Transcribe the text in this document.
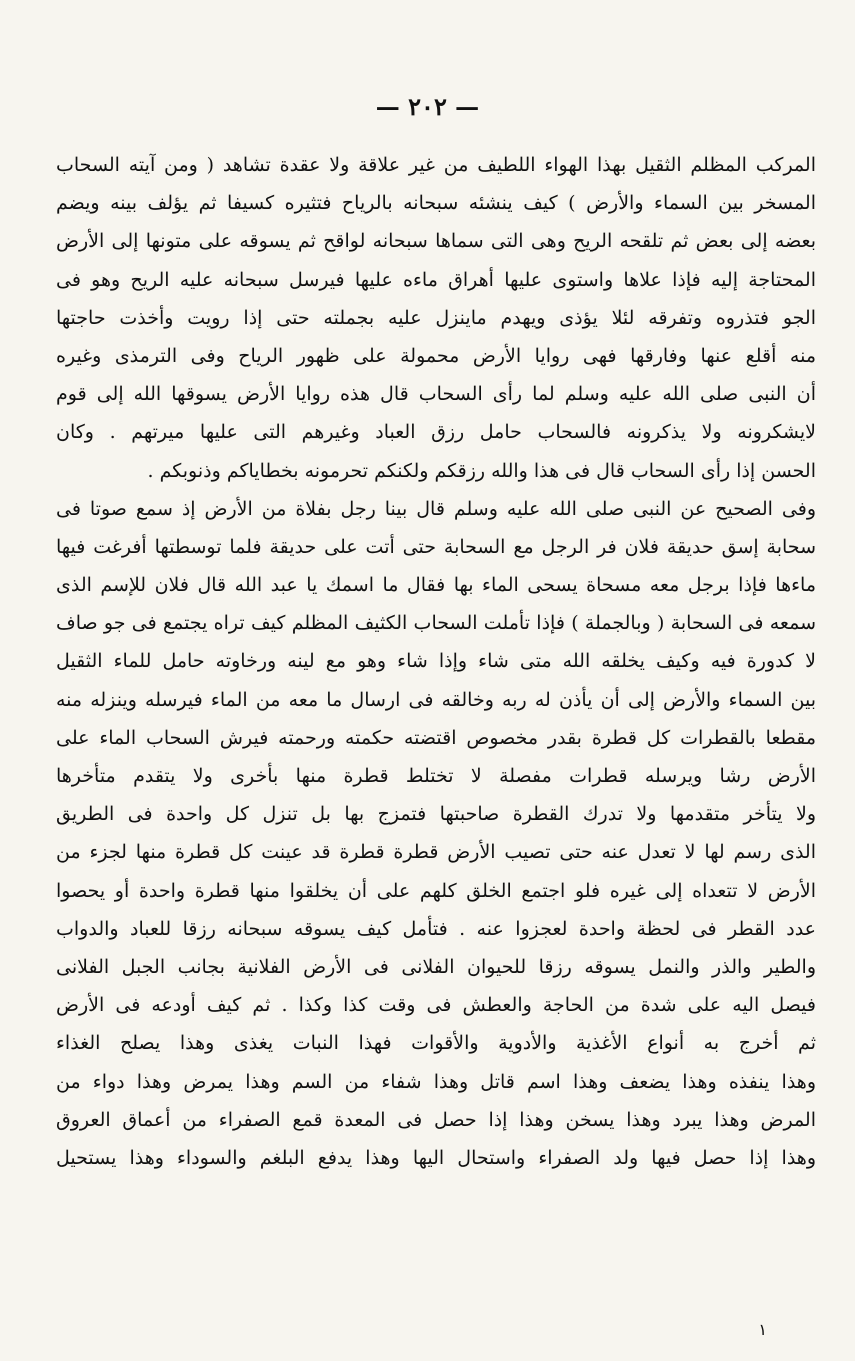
— ٢٠٢ —
المركب المظلم الثقيل بهذا الهواء اللطيف من غير علاقة ولا عقدة تشاهد ( ومن آيته السحاب
المسخر بين السماء والأرض ) كيف ينشئه سبحانه بالرياح فتثيره كسيفا ثم يؤلف بينه ويضم
بعضه إلى بعض ثم تلقحه الريح وهى التى سماها سبحانه لواقح ثم يسوقه على متونها إلى الأرض
المحتاجة إليه فإذا علاها واستوى عليها أهراق ماءه عليها فيرسل سبحانه عليه الريح وهو فى
الجو فتذروه وتفرقه لئلا يؤذى ويهدم ماينزل عليه بجملته حتى إذا رويت وأخذت حاجتها
منه أقلع عنها وفارقها فهى روايا الأرض محمولة على ظهور الرياح وفى الترمذى وغيره
أن النبى صلى الله عليه وسلم لما رأى السحاب قال هذه روايا الأرض يسوقها الله إلى قوم
لايشكرونه ولا يذكرونه فالسحاب حامل رزق العباد وغيرهم التى عليها ميرتهم . وكان
الحسن إذا رأى السحاب قال فى هذا والله رزقكم ولكنكم تحرمونه بخطاياكم وذنوبكم .
وفى الصحيح عن النبى صلى الله عليه وسلم قال بينا رجل بفلاة من الأرض إذ سمع صوتا فى
سحابة إسق حديقة فلان فر الرجل مع السحابة حتى أتت على حديقة فلما توسطتها أفرغت فيها
ماءها فإذا برجل معه مسحاة يسحى الماء بها فقال ما اسمك يا عبد الله قال فلان للإسم الذى
سمعه فى السحابة ( وبالجملة ) فإذا تأملت السحاب الكثيف المظلم كيف تراه يجتمع فى جو صاف
لا كدورة فيه وكيف يخلقه الله متى شاء وإذا شاء وهو مع لينه ورخاوته حامل للماء الثقيل
بين السماء والأرض إلى أن يأذن له ربه وخالقه فى ارسال ما معه من الماء فيرسله وينزله منه
مقطعا بالقطرات كل قطرة بقدر مخصوص اقتضته حكمته ورحمته فيرش السحاب الماء على
الأرض رشا ويرسله قطرات مفصلة لا تختلط قطرة منها بأخرى ولا يتقدم متأخرها
ولا يتأخر متقدمها ولا تدرك القطرة صاحبتها فتمزج بها بل تنزل كل واحدة فى الطريق
الذى رسم لها لا تعدل عنه حتى تصيب الأرض قطرة قطرة قد عينت كل قطرة منها لجزء من
الأرض لا تتعداه إلى غيره فلو اجتمع الخلق كلهم على أن يخلقوا منها قطرة واحدة أو يحصوا
عدد القطر فى لحظة واحدة لعجزوا عنه . فتأمل كيف يسوقه سبحانه رزقا للعباد والدواب
والطير والذر والنمل يسوقه رزقا للحيوان الفلانى فى الأرض الفلانية بجانب الجبل الفلانى
فيصل اليه على شدة من الحاجة والعطش فى وقت كذا وكذا . ثم كيف أودعه فى الأرض
ثم أخرج به أنواع الأغذية والأدوية والأقوات فهذا النبات يغذى وهذا يصلح الغذاء
وهذا ينفذه وهذا يضعف وهذا اسم قاتل وهذا شفاء من السم وهذا يمرض وهذا دواء من
المرض وهذا يبرد وهذا يسخن وهذا إذا حصل فى المعدة قمع الصفراء من أعماق العروق
وهذا إذا حصل فيها ولد الصفراء واستحال اليها وهذا يدفع البلغم والسوداء وهذا يستحيل
١
